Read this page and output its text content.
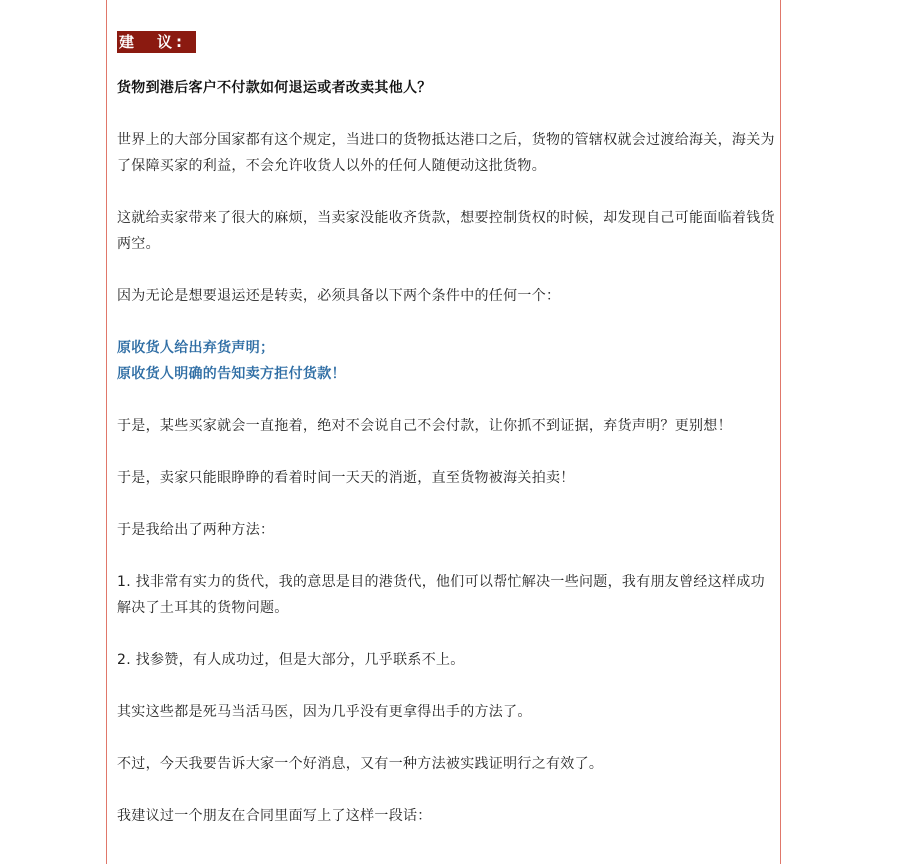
建　议:

货物到港后客户不付款如何退运或者改卖其他人？

世界上的大部分国家都有这个规定，当进口的货物抵达港口之后，货物的管辖权就会过渡给海关，海关为了保障买家的利益，不会允许收货人以外的任何人随便动这批货物。

这就给卖家带来了很大的麻烦，当卖家没能收齐货款，想要控制货权的时候，却发现自己可能面临着钱货两空。

因为无论是想要退运还是转卖，必须具备以下两个条件中的任何一个：

原收货人给出弃货声明；

原收货人明确的告知卖方拒付货款！

于是，某些买家就会一直拖着，绝对不会说自己不会付款，让你抓不到证据，弃货声明？更别想！

于是，卖家只能眼睁睁的看着时间一天天的消逝，直至货物被海关拍卖！

于是我给出了两种方法：

1. 找非常有实力的货代，我的意思是目的港货代，他们可以帮忙解决一些问题，我有朋友曾经这样成功解决了土耳其的货物问题。

2. 找参赞，有人成功过，但是大部分，几乎联系不上。

其实这些都是死马当活马医，因为几乎没有更拿得出手的方法了。

不过，今天我要告诉大家一个好消息，又有一种方法被实践证明行之有效了。

我建议过一个朋友在合同里面写上了这样一段话：
